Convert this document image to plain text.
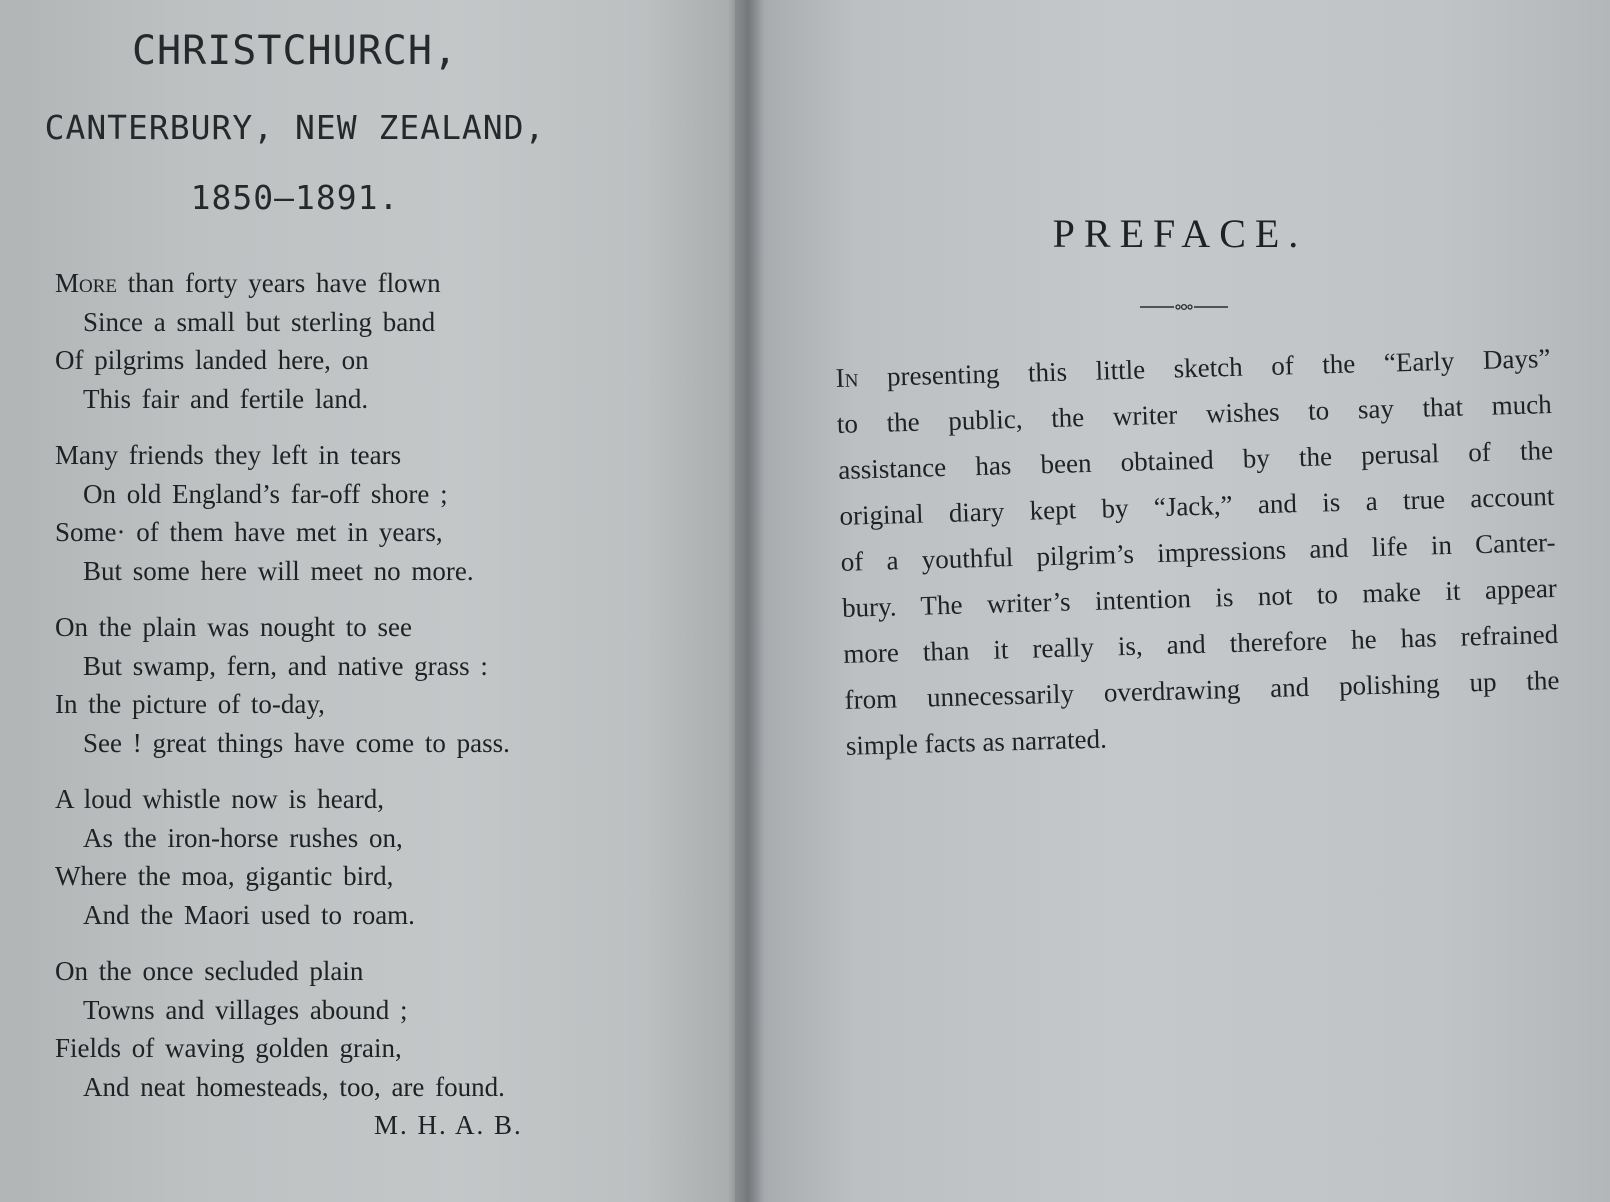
CHRISTCHURCH,
CANTERBURY, NEW ZEALAND,
1850—1891.
More than forty years have flown
Since a small but sterling band
Of pilgrims landed here, on
This fair and fertile land.
Many friends they left in tears
On old England’s far-off shore ;
Some· of them have met in years,
But some here will meet no more.
On the plain was nought to see
But swamp, fern, and native grass :
In the picture of to-day,
See ! great things have come to pass.
A loud whistle now is heard,
As the iron-horse rushes on,
Where the moa, gigantic bird,
And the Maori used to roam.
On the once secluded plain
Towns and villages abound ;
Fields of waving golden grain,
And neat homesteads, too, are found.
M. H. A. B.
PREFACE.
In presenting this little sketch of the “Early Days”
to the public, the writer wishes to say that much
assistance has been obtained by the perusal of the
original diary kept by “Jack,” and is a true account
of a youthful pilgrim’s impressions and life in Canter-
bury. The writer’s intention is not to make it appear
more than it really is, and therefore he has refrained
from unnecessarily overdrawing and polishing up the
simple facts as narrated.
